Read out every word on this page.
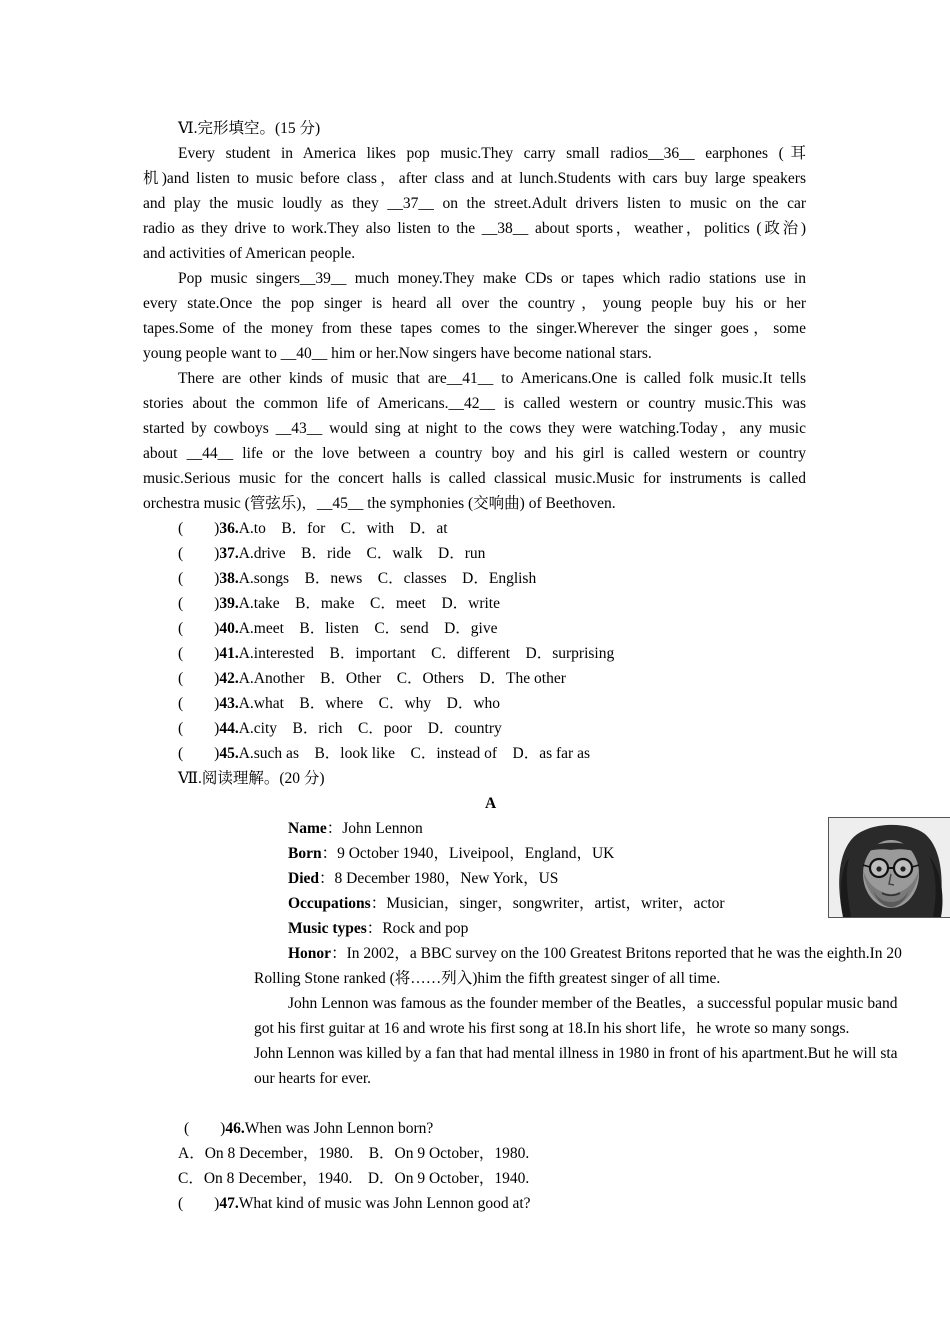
Ⅵ.完形填空。(15 分)
Every student in America likes pop music.They carry small radios__36__ earphones (耳
机)and listen to music before class，after class and at lunch.Students with cars buy large speakers
and play the music loudly as they __37__ on the street.Adult drivers listen to music on the car
radio as they drive to work.They also listen to the __38__ about sports，weather，politics (政治)
and activities of American people.
Pop music singers__39__ much money.They make CDs or tapes which radio stations use in
every state.Once the pop singer is heard all over the country，young people buy his or her
tapes.Some of the money from these tapes comes to the singer.Wherever the singer goes，some
young people want to __40__ him or her.Now singers have become national stars.
There are other kinds of music that are__41__ to Americans.One is called folk music.It tells
stories about the common life of Americans.__42__ is called western or country music.This was
started by cowboys __43__ would sing at night to the cows they were watching.Today，any music
about __44__ life or the love between a country boy and his girl is called western or country
music.Serious music for the concert halls is called classical music.Music for instruments is called
orchestra music (管弦乐)，__45__ the symphonies (交响曲) of Beethoven.
(　　)36.A.to　B．for　C．with　D．at
(　　)37.A.drive　B．ride　C．walk　D．run
(　　)38.A.songs　B．news　C．classes　D．English
(　　)39.A.take　B．make　C．meet　D．write
(　　)40.A.meet　B．listen　C．send　D．give
(　　)41.A.interested　B．important　C．different　D．surprising
(　　)42.A.Another　B．Other　C．Others　D．The other
(　　)43.A.what　B．where　C．why　D．who
(　　)44.A.city　B．rich　C．poor　D．country
(　　)45.A.such as　B．look like　C．instead of　D．as far as
Ⅶ.阅读理解。(20 分)
A
Name：John Lennon
Born：9 October 1940，Liveipool，England，UK
Died：8 December 1980，New York，US
Occupations：Musician，singer，songwriter，artist，writer，actor
Music types：Rock and pop
Honor：In 2002，a BBC survey on the 100 Greatest Britons reported that he was the eighth.In 20
Rolling Stone ranked (将……列入)him the fifth greatest singer of all time.
John Lennon was famous as the founder member of the Beatles，a successful popular music band
got his first guitar at 16 and wrote his first song at 18.In his short life，he wrote so many songs.
John Lennon was killed by a fan that had mental illness in 1980 in front of his apartment.But he will sta
our hearts for ever.
(　　)46.When was John Lennon born?
A．On 8 December，1980.　B．On 9 October，1980.
C．On 8 December，1940.　D．On 9 October，1940.
(　　)47.What kind of music was John Lennon good at?
